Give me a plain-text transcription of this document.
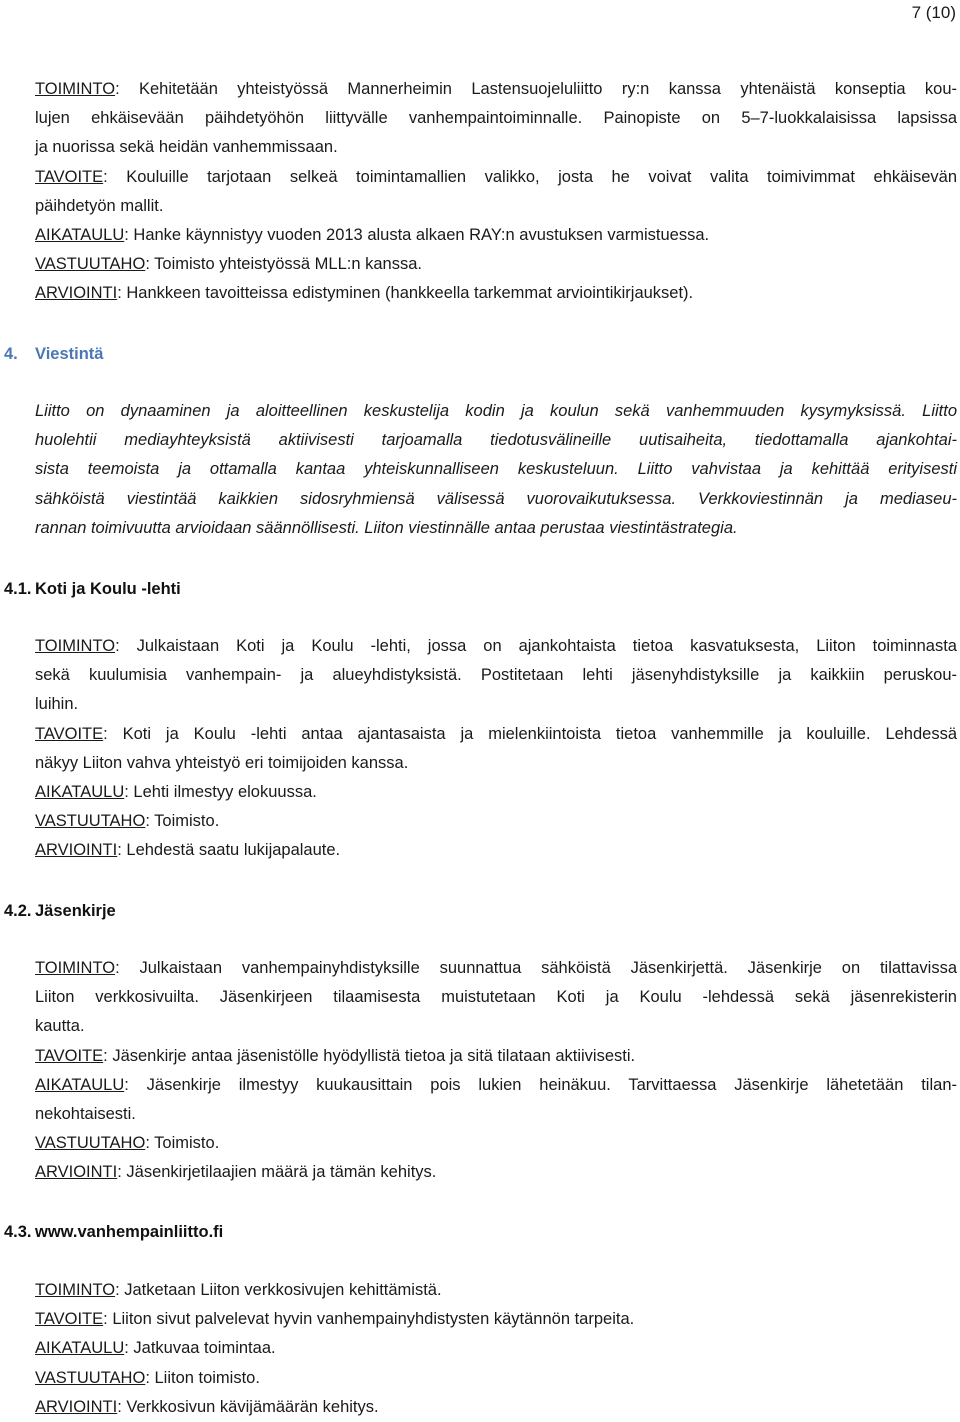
7 (10)
TOIMINTO: Kehitetään yhteistyössä Mannerheimin Lastensuojeluliitto ry:n kanssa yhtenäistä konseptia kou-
lujen ehkäisevään päihdetyöhön liittyvälle vanhempaintoiminnalle. Painopiste on 5–7-luokkalaisissa lapsissa
ja nuorissa sekä heidän vanhemmissaan.
TAVOITE: Kouluille tarjotaan selkeä toimintamallien valikko, josta he voivat valita toimivimmat ehkäisevän
päihdetyön mallit.
AIKATAULU: Hanke käynnistyy vuoden 2013 alusta alkaen RAY:n avustuksen varmistuessa.
VASTUUTAHO: Toimisto yhteistyössä MLL:n kanssa.
ARVIOINTI: Hankkeen tavoitteissa edistyminen (hankkeella tarkemmat arviointikirjaukset).
4. Viestintä
Liitto on dynaaminen ja aloitteellinen keskustelija kodin ja koulun sekä vanhemmuuden kysymyksissä. Liitto
huolehtii mediayhteyksistä aktiivisesti tarjoamalla tiedotusvälineille uutisaiheita, tiedottamalla ajankohtai-
sista teemoista ja ottamalla kantaa yhteiskunnalliseen keskusteluun. Liitto vahvistaa ja kehittää erityisesti
sähköistä viestintää kaikkien sidosryhmiensä välisessä vuorovaikutuksessa. Verkkoviestinnän ja mediaseu-
rannan toimivuutta arvioidaan säännöllisesti. Liiton viestinnälle antaa perustaa viestintästrategia.
4.1. Koti ja Koulu -lehti
TOIMINTO: Julkaistaan Koti ja Koulu -lehti, jossa on ajankohtaista tietoa kasvatuksesta, Liiton toiminnasta
sekä kuulumisia vanhempain- ja alueyhdistyksistä. Postitetaan lehti jäsenyhdistyksille ja kaikkiin peruskou-
luihin.
TAVOITE: Koti ja Koulu -lehti antaa ajantasaista ja mielenkiintoista tietoa vanhemmille ja kouluille. Lehdessä
näkyy Liiton vahva yhteistyö eri toimijoiden kanssa.
AIKATAULU: Lehti ilmestyy elokuussa.
VASTUUTAHO: Toimisto.
ARVIOINTI: Lehdestä saatu lukijapalaute.
4.2. Jäsenkirje
TOIMINTO: Julkaistaan vanhempainyhdistyksille suunnattua sähköistä Jäsenkirjettä. Jäsenkirje on tilattavissa
Liiton verkkosivuilta. Jäsenkirjeen tilaamisesta muistutetaan Koti ja Koulu -lehdessä sekä jäsenrekisterin
kautta.
TAVOITE: Jäsenkirje antaa jäsenistölle hyödyllistä tietoa ja sitä tilataan aktiivisesti.
AIKATAULU: Jäsenkirje ilmestyy kuukausittain pois lukien heinäkuu. Tarvittaessa Jäsenkirje lähetetään tilan-
nekohtaisesti.
VASTUUTAHO: Toimisto.
ARVIOINTI: Jäsenkirjetilaajien määrä ja tämän kehitys.
4.3. www.vanhempainliitto.fi
TOIMINTO: Jatketaan Liiton verkkosivujen kehittämistä.
TAVOITE: Liiton sivut palvelevat hyvin vanhempainyhdistysten käytännön tarpeita.
AIKATAULU: Jatkuvaa toimintaa.
VASTUUTAHO: Liiton toimisto.
ARVIOINTI: Verkkosivun kävijämäärän kehitys.
